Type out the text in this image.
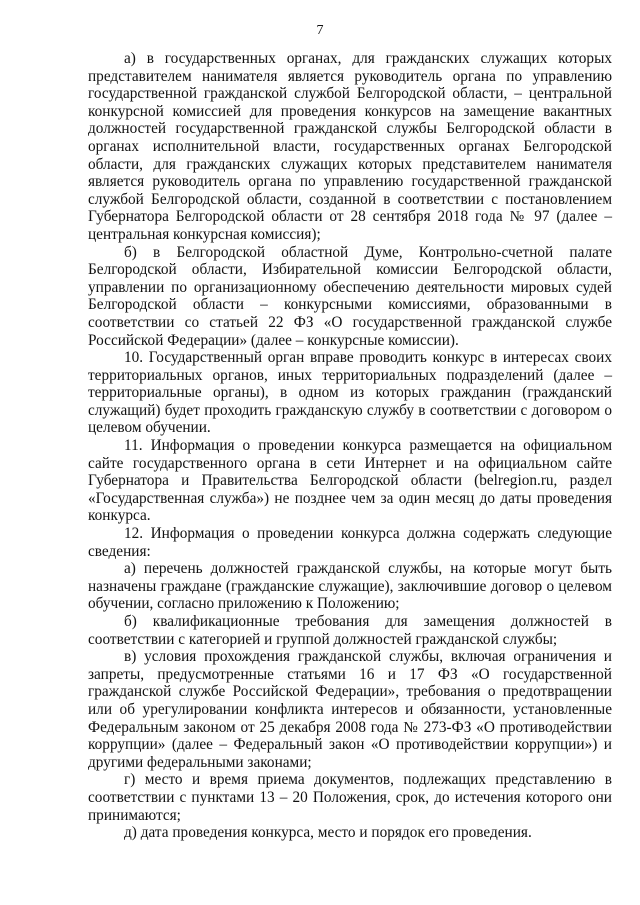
7

а) в государственных органах, для гражданских служащих которых представителем нанимателя является руководитель органа по управлению государственной гражданской службой Белгородской области, – центральной конкурсной комиссией для проведения конкурсов на замещение вакантных должностей государственной гражданской службы Белгородской области в органах исполнительной власти, государственных органах Белгородской области, для гражданских служащих которых представителем нанимателя является руководитель органа по управлению государственной гражданской службой Белгородской области, созданной в соответствии с постановлением Губернатора Белгородской области от 28 сентября 2018 года № 97 (далее – центральная конкурсная комиссия);

б) в Белгородской областной Думе, Контрольно-счетной палате Белгородской области, Избирательной комиссии Белгородской области, управлении по организационному обеспечению деятельности мировых судей Белгородской области – конкурсными комиссиями, образованными в соответствии со статьей 22 ФЗ «О государственной гражданской службе Российской Федерации» (далее – конкурсные комиссии).

10. Государственный орган вправе проводить конкурс в интересах своих территориальных органов, иных территориальных подразделений (далее – территориальные органы), в одном из которых гражданин (гражданский служащий) будет проходить гражданскую службу в соответствии с договором о целевом обучении.

11. Информация о проведении конкурса размещается на официальном сайте государственного органа в сети Интернет и на официальном сайте Губернатора и Правительства Белгородской области (belregion.ru, раздел «Государственная служба») не позднее чем за один месяц до даты проведения конкурса.

12. Информация о проведении конкурса должна содержать следующие сведения:

а) перечень должностей гражданской службы, на которые могут быть назначены граждане (гражданские служащие), заключившие договор о целевом обучении, согласно приложению к Положению;

б) квалификационные требования для замещения должностей в соответствии с категорией и группой должностей гражданской службы;

в) условия прохождения гражданской службы, включая ограничения и запреты, предусмотренные статьями 16 и 17 ФЗ «О государственной гражданской службе Российской Федерации», требования о предотвращении или об урегулировании конфликта интересов и обязанности, установленные Федеральным законом от 25 декабря 2008 года № 273-ФЗ «О противодействии коррупции» (далее – Федеральный закон «О противодействии коррупции») и другими федеральными законами;

г) место и время приема документов, подлежащих представлению в соответствии с пунктами 13 – 20 Положения, срок, до истечения которого они принимаются;

д) дата проведения конкурса, место и порядок его проведения.
